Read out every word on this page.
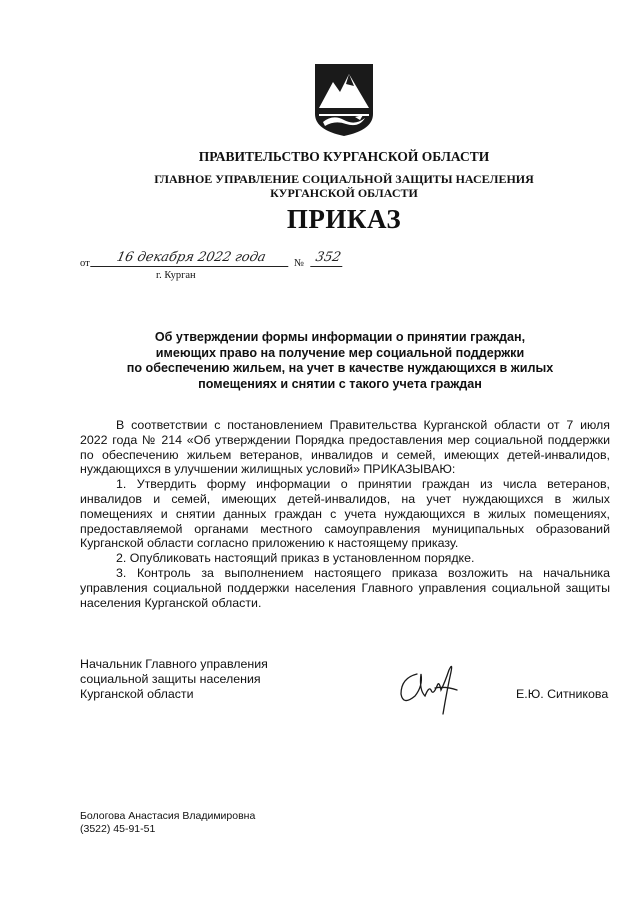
ПРАВИТЕЛЬСТВО КУРГАНСКОЙ ОБЛАСТИ
ГЛАВНОЕ УПРАВЛЕНИЕ СОЦИАЛЬНОЙ ЗАЩИТЫ НАСЕЛЕНИЯ
КУРГАНСКОЙ ОБЛАСТИ
ПРИКАЗ
от	16 декабря 2022 года	№ 352
г. Курган
Об утверждении формы информации о принятии граждан,
имеющих право на получение мер социальной поддержки
по обеспечению жильем, на учет в качестве нуждающихся в жилых
помещениях и снятии с такого учета граждан

В соответствии с постановлением Правительства Курганской области от 7 июля 2022 года № 214 «Об утверждении Порядка предоставления мер социальной поддержки по обеспечению жильем ветеранов, инвалидов и семей, имеющих детей-инвалидов, нуждающихся в улучшении жилищных условий» ПРИКАЗЫВАЮ:

1. Утвердить форму информации о принятии граждан из числа ветеранов, инвалидов и семей, имеющих детей-инвалидов, на учет нуждающихся в жилых помещениях и снятии данных граждан с учета нуждающихся в жилых помещениях, предоставляемой органами местного самоуправления муниципальных образований Курганской области согласно приложению к настоящему приказу.

2. Опубликовать настоящий приказ в установленном порядке.

3. Контроль за выполнением настоящего приказа возложить на начальника управления социальной поддержки населения Главного управления социальной защиты населения Курганской области.

Начальник Главного управления
социальной защиты населения
Курганской области	Е.Ю. Ситникова
Бологова Анастасия Владимировна
(3522) 45-91-51
